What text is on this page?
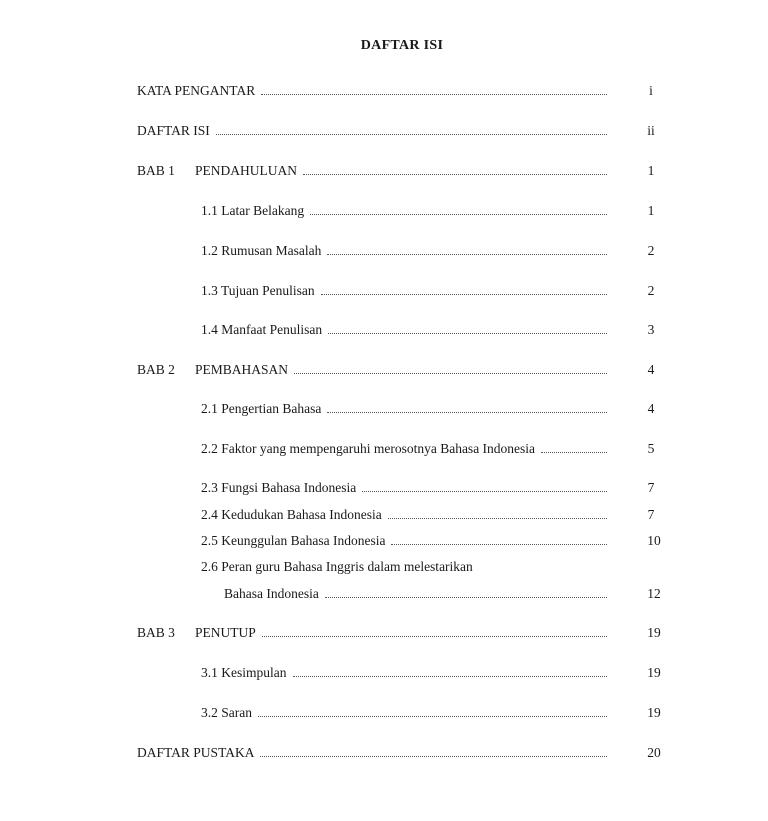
DAFTAR ISI
KATA PENGANTAR	i
DAFTAR ISI	ii
BAB 1	PENDAHULUAN	1
1.1 Latar Belakang	1
1.2 Rumusan Masalah	2
1.3 Tujuan Penulisan	2
1.4 Manfaat Penulisan	3
BAB 2	PEMBAHASAN	4
2.1 Pengertian Bahasa	4
2.2 Faktor yang mempengaruhi merosotnya Bahasa Indonesia	5
2.3 Fungsi Bahasa Indonesia	7
2.4 Kedudukan Bahasa Indonesia	7
2.5 Keunggulan Bahasa Indonesia	10
2.6 Peran guru Bahasa Inggris dalam melestarikan
Bahasa Indonesia	12
BAB 3	PENUTUP	19
3.1 Kesimpulan	19
3.2 Saran	19
DAFTAR PUSTAKA	20
